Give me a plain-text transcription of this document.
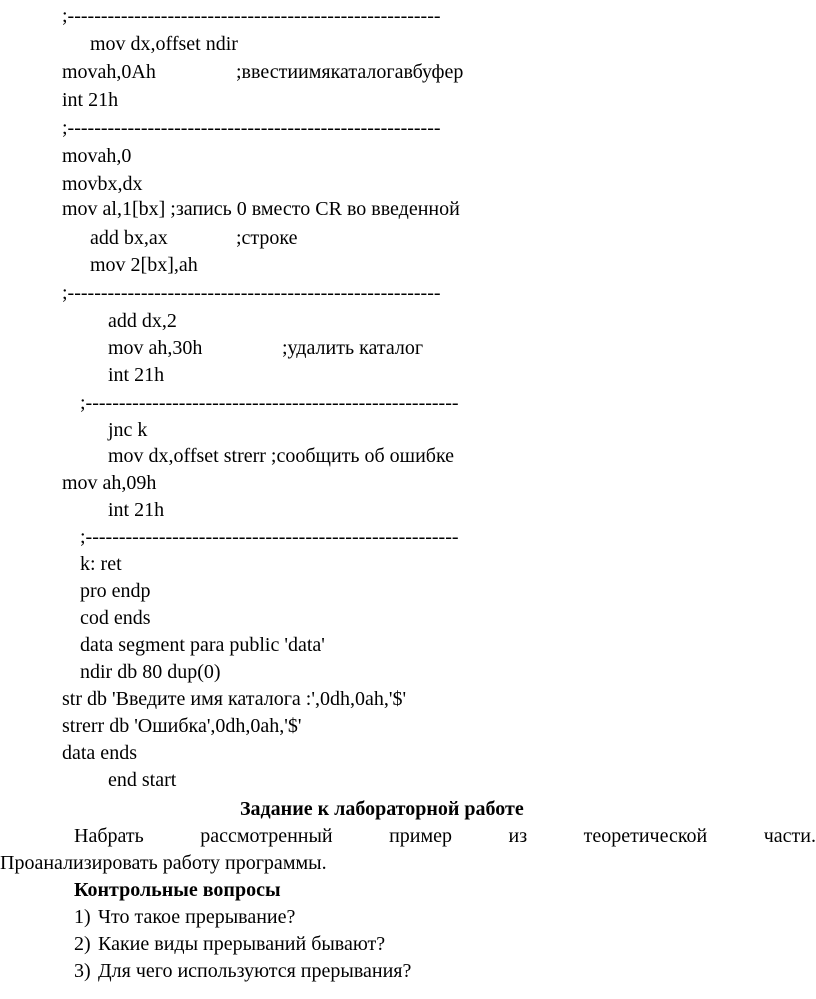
;--------------------------------------------------------
mov dx,offset ndir
movah,0Ah	;ввестиимякаталогавбуфер
int 21h
;--------------------------------------------------------
movah,0
movbx,dx
mov al,1[bx] ;запись 0 вместо CR во введенной
add bx,ax	;строке
mov 2[bx],ah
;--------------------------------------------------------
add dx,2
mov ah,30h	;удалить каталог
int 21h
;--------------------------------------------------------
jnc k
mov dx,offset strerr ;сообщить об ошибке
mov ah,09h
int 21h
;--------------------------------------------------------
k: ret
pro endp
cod ends
data segment para public 'data'
ndir db 80 dup(0)
str db 'Введите имя каталога :',0dh,0ah,'$'
strerr db 'Ошибка',0dh,0ah,'$'
data ends
end start
Задание к лабораторной работе
Набрать	рассмотренный	пример	из	теоретической	части.
Проанализировать работу программы.
Контрольные вопросы
1) Что такое прерывание?
2) Какие виды прерываний бывают?
3) Для чего используются прерывания?
